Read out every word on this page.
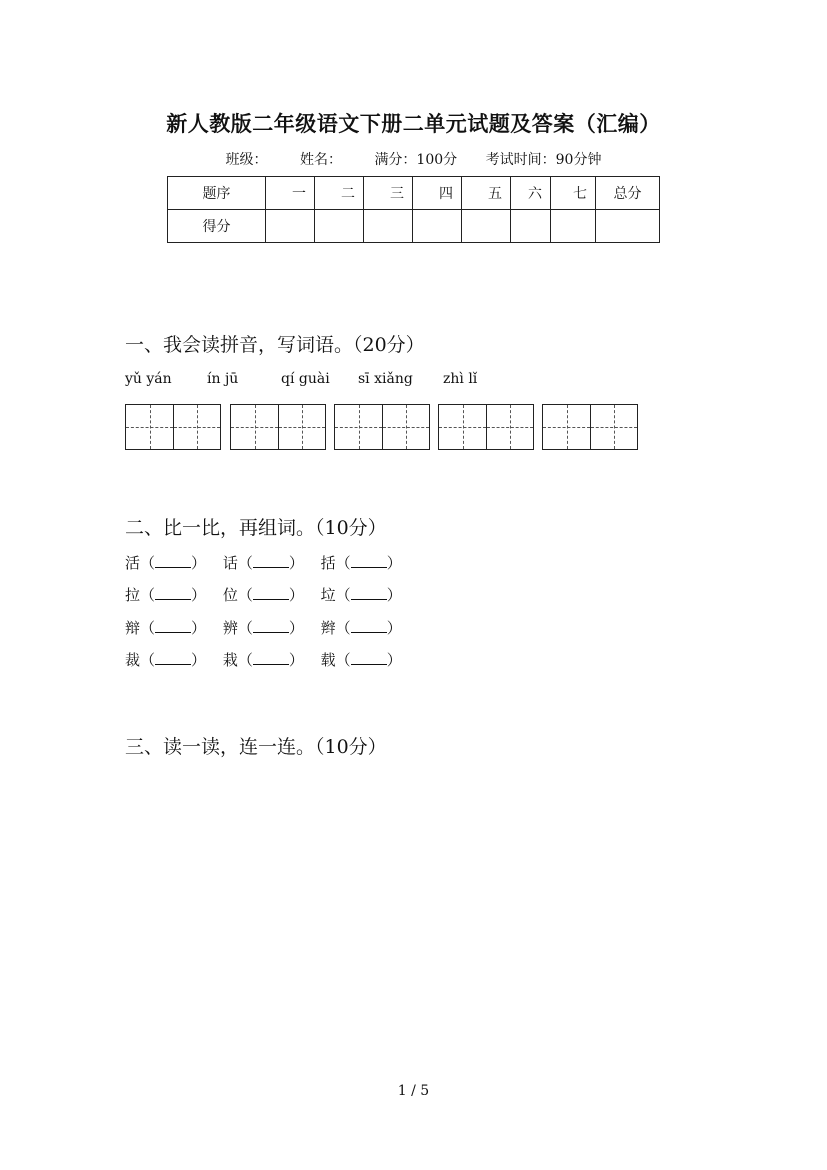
新人教版二年级语文下册二单元试题及答案（汇编）
班级： 姓名： 满分：100分 考试时间：90分钟
题序	一	二	三	四	五	六	七	总分
得分								
一、我会读拼音，写词语。（20分）
yǔ yán	ín jū	qí guài sī xiǎng zhì lǐ
二、比一比，再组词。（10分）
活（ ） 话（ ） 括（ ）
拉（ ） 位（ ） 垃（ ）
辩（ ） 辨（ ） 辫（ ）
裁（ ） 栽（ ） 载（ ）
三、读一读，连一连。（10分）
1 / 5
